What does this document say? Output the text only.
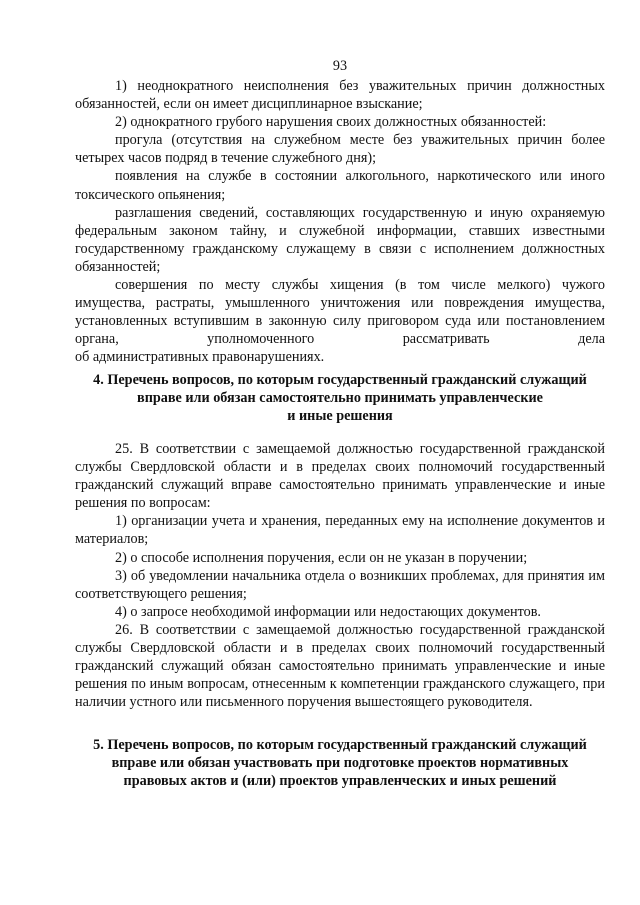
93

1) неоднократного неисполнения без уважительных причин должностных обязанностей, если он имеет дисциплинарное взыскание;

2) однократного грубого нарушения своих должностных обязанностей:

прогула (отсутствия на служебном месте без уважительных причин более четырех часов подряд в течение служебного дня);

появления на службе в состоянии алкогольного, наркотического или иного токсического опьянения;

разглашения сведений, составляющих государственную и иную охраняемую федеральным законом тайну, и служебной информации, ставших известными государственному гражданскому служащему в связи с исполнением должностных обязанностей;

совершения по месту службы хищения (в том числе мелкого) чужого имущества, растраты, умышленного уничтожения или повреждения имущества, установленных вступившим в законную силу приговором суда или постановлением органа, уполномоченного рассматривать дела

об административных правонарушениях.

4. Перечень вопросов, по которым государственный гражданский служащий
вправе или обязан самостоятельно принимать управленческие
и иные решения

25. В соответствии с замещаемой должностью государственной гражданской службы Свердловской области и в пределах своих полномочий государственный гражданский служащий вправе самостоятельно принимать управленческие и иные решения по вопросам:

1) организации учета и хранения, переданных ему на исполнение документов и материалов;

2) о способе исполнения поручения, если он не указан в поручении;

3) об уведомлении начальника отдела о возникших проблемах, для принятия им соответствующего решения;

4) о запросе необходимой информации или недостающих документов.

26. В соответствии с замещаемой должностью государственной гражданской службы Свердловской области и в пределах своих полномочий государственный гражданский служащий обязан самостоятельно принимать управленческие и иные решения по иным вопросам, отнесенным к компетенции гражданского служащего, при наличии устного или письменного поручения вышестоящего руководителя.

5. Перечень вопросов, по которым государственный гражданский служащий
вправе или обязан участвовать при подготовке проектов нормативных
правовых актов и (или) проектов управленческих и иных решений
